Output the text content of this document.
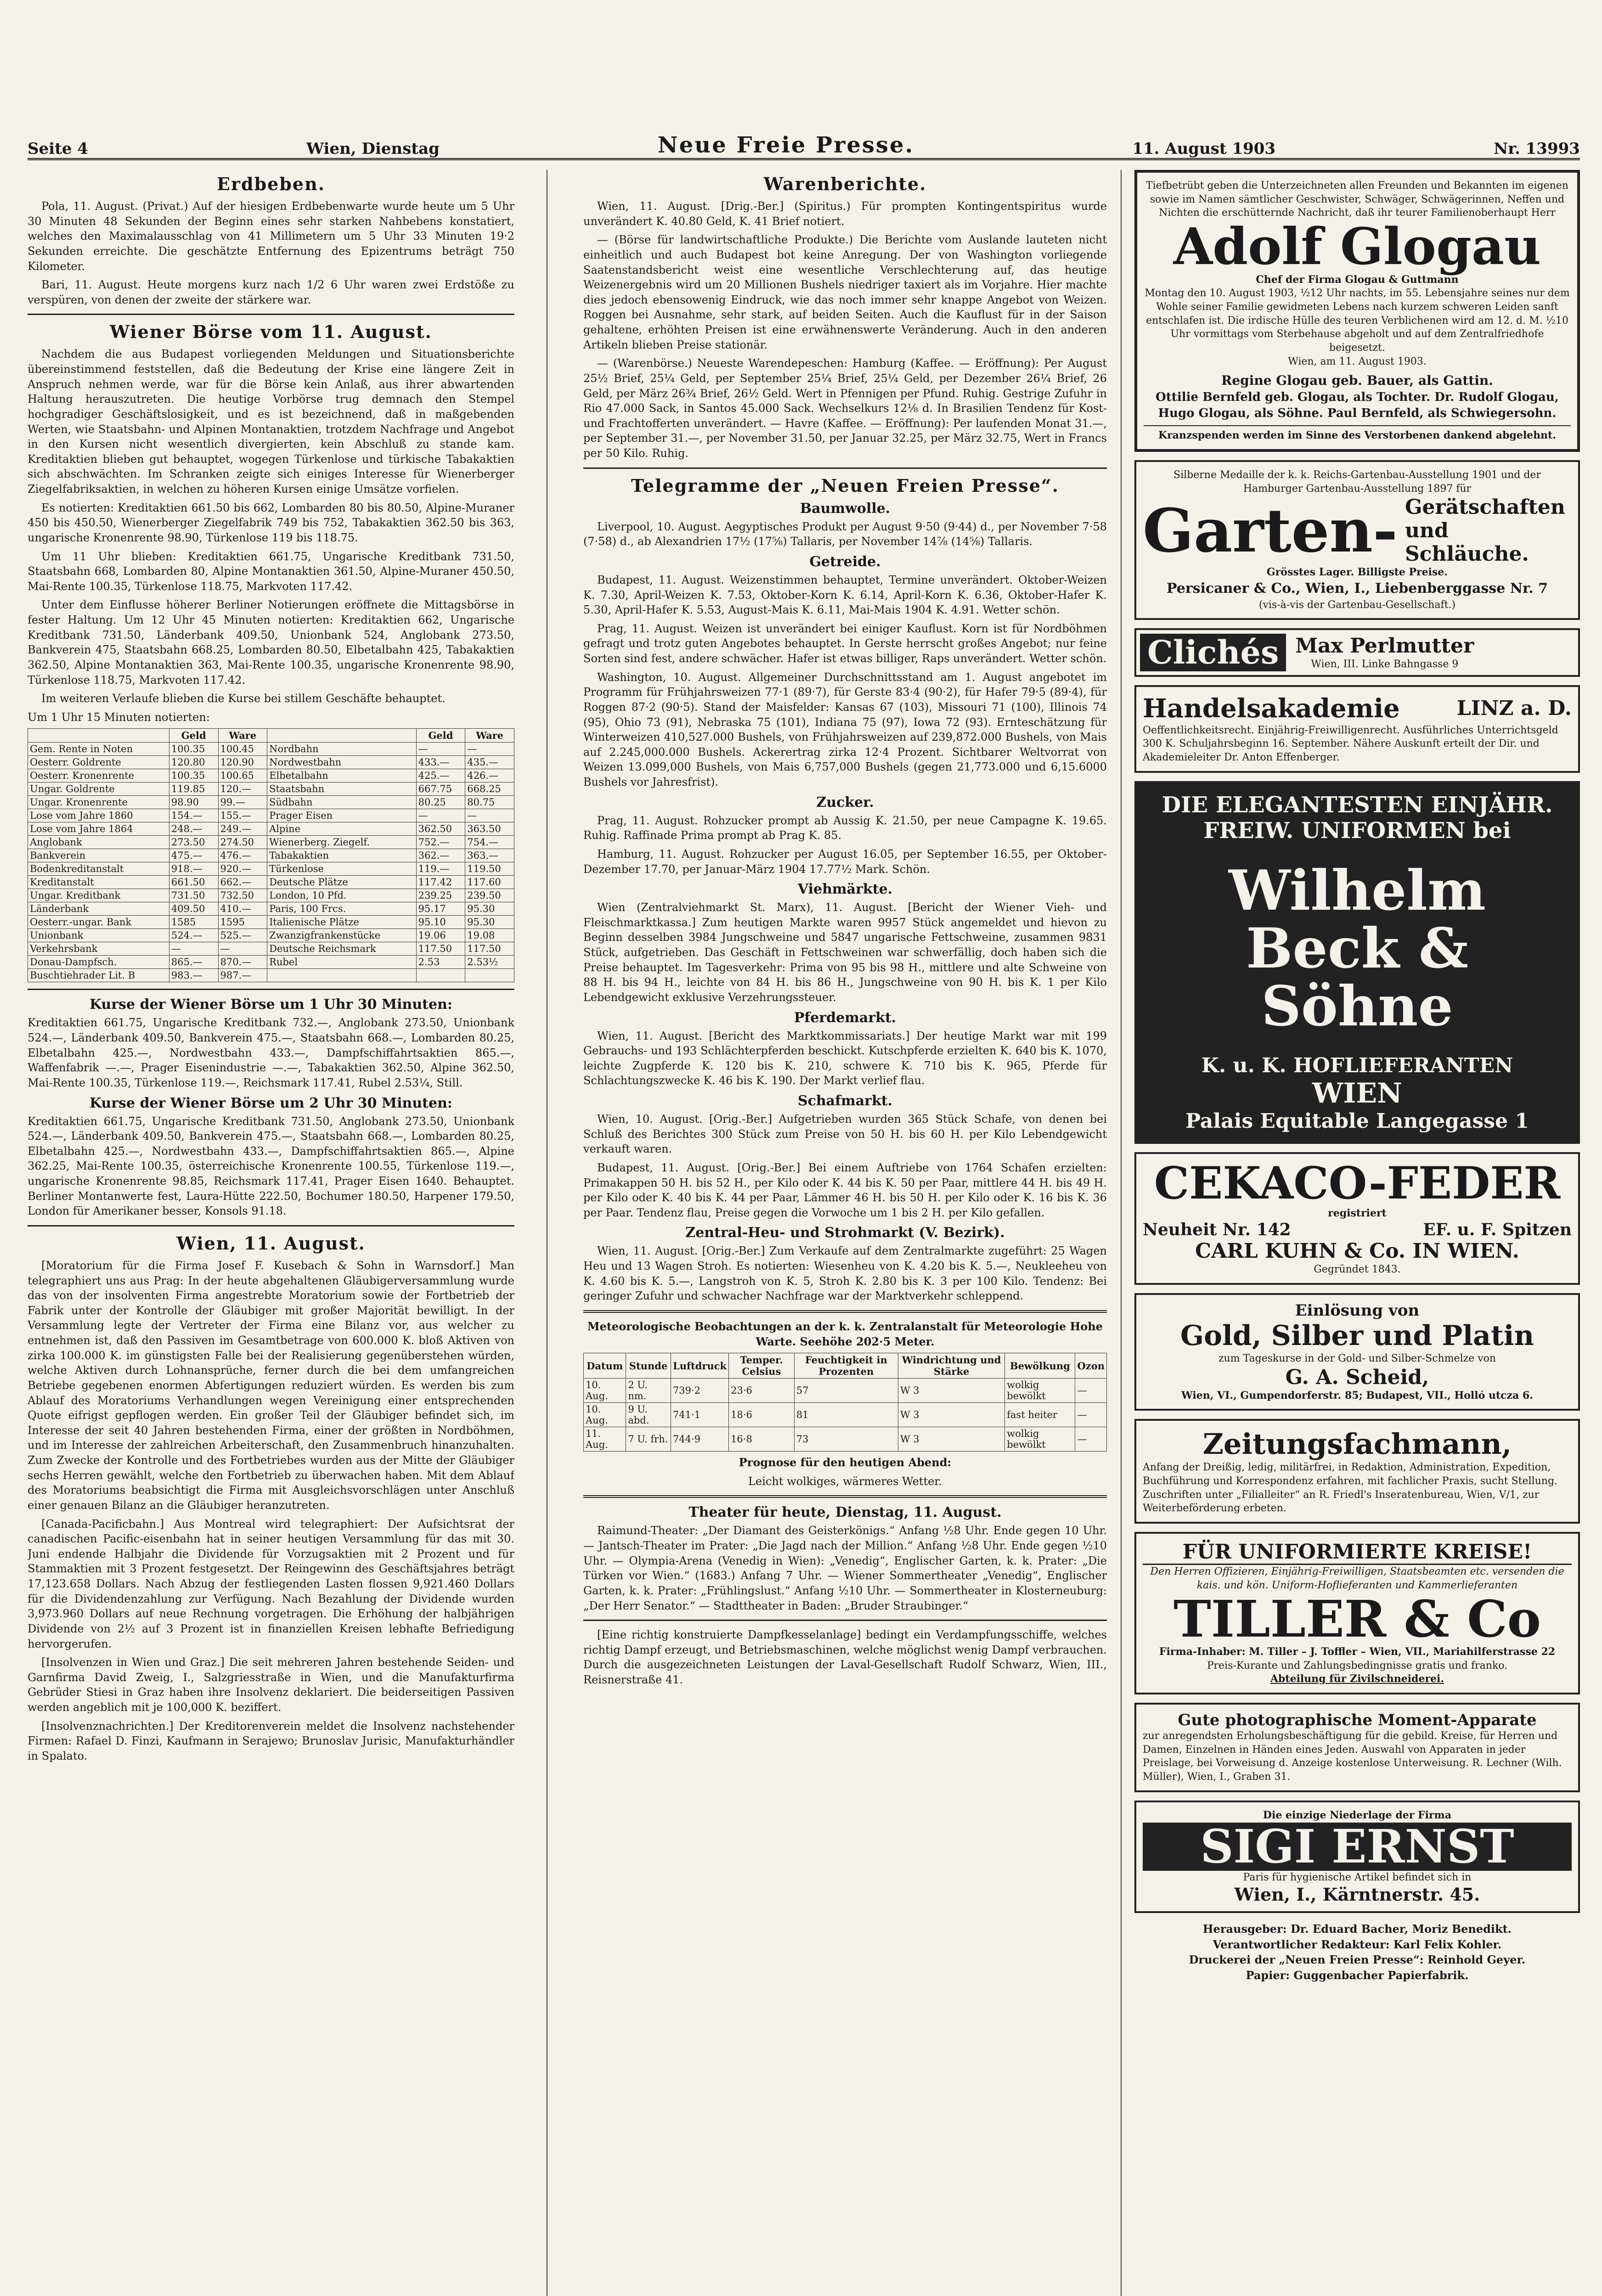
Seite 4	Wien, Dienstag	Neue Freie Presse.	11. August 1903	Nr. 13993
Erdbeben.

Pola, 11. August. (Privat.) Auf der hiesigen Erdbebenwarte wurde heute um 5 Uhr 30 Minuten 48 Sekunden der Beginn eines sehr starken Nahbebens konstatiert, welches den Maximalausschlag von 41 Millimetern um 5 Uhr 33 Minuten 19·2 Sekunden erreichte. Die geschätzte Entfernung des Epizentrums beträgt 750 Kilometer.

Bari, 11. August. Heute morgens kurz nach 1/2 6 Uhr waren zwei Erdstöße zu verspüren, von denen der zweite der stärkere war.

Wiener Börse vom 11. August.

Nachdem die aus Budapest vorliegenden Meldungen und Situationsberichte übereinstimmend feststellen, daß die Bedeutung der Krise eine längere Zeit in Anspruch nehmen werde, war für die Börse kein Anlaß, aus ihrer abwartenden Haltung herauszutreten. Die heutige Vorbörse trug demnach den Stempel hochgradiger Geschäftslosigkeit, und es ist bezeichnend, daß in maßgebenden Werten, wie Staatsbahn- und Alpinen Montanaktien, trotzdem Nachfrage und Angebot in den Kursen nicht wesentlich divergierten, kein Abschluß zu stande kam. Kreditaktien blieben gut behauptet, wogegen Türkenlose und türkische Tabakaktien sich abschwächten. Im Schranken zeigte sich einiges Interesse für Wienerberger Ziegelfabriksaktien, in welchen zu höheren Kursen einige Umsätze vorfielen.

Es notierten: Kreditaktien 661.50 bis 662, Lombarden 80 bis 80.50, Alpine-Muraner 450 bis 450.50, Wienerberger Ziegelfabrik 749 bis 752, Tabakaktien 362.50 bis 363, ungarische Kronenrente 98.90, Türkenlose 119 bis 118.75.

Um 11 Uhr blieben: Kreditaktien 661.75, Ungarische Kreditbank 731.50, Staatsbahn 668, Lombarden 80, Alpine Montanaktien 361.50, Alpine-Muraner 450.50, Mai-Rente 100.35, Türkenlose 118.75, Markvoten 117.42.

Unter dem Einflusse höherer Berliner Notierungen eröffnete die Mittagsbörse in fester Haltung. Um 12 Uhr 45 Minuten notierten: Kreditaktien 662, Ungarische Kreditbank 731.50, Länderbank 409.50, Unionbank 524, Anglobank 273.50, Bankverein 475, Staatsbahn 668.25, Lombarden 80.50, Elbetalbahn 425, Tabakaktien 362.50, Alpine Montanaktien 363, Mai-Rente 100.35, ungarische Kronenrente 98.90, Türkenlose 118.75, Markvoten 117.42.

Im weiteren Verlaufe blieben die Kurse bei stillem Geschäfte behauptet.

Um 1 Uhr 15 Minuten notierten:

	Geld	Ware		Geld	Ware
Gem. Rente in Noten	100.35	100.45	Nordbahn	—	—
Oesterr. Goldrente	120.80	120.90	Nordwestbahn	433.—	435.—
Oesterr. Kronenrente	100.35	100.65	Elbetalbahn	425.—	426.—
Ungar. Goldrente	119.85	120.—	Staatsbahn	667.75	668.25
Ungar. Kronenrente	98.90	99.—	Südbahn	80.25	80.75
Lose vom Jahre 1860	154.—	155.—	Prager Eisen	—	—
Lose vom Jahre 1864	248.—	249.—	Alpine	362.50	363.50
Anglobank	273.50	274.50	Wienerberg. Ziegelf.	752.—	754.—
Bankverein	475.—	476.—	Tabakaktien	362.—	363.—
Bodenkreditanstalt	918.—	920.—	Türkenlose	119.—	119.50
Kreditanstalt	661.50	662.—	Deutsche Plätze	117.42	117.60
Ungar. Kreditbank	731.50	732.50	London, 10 Pfd.	239.25	239.50
Länderbank	409.50	410.—	Paris, 100 Frcs.	95.17	95.30
Oesterr.-ungar. Bank	1585	1595	Italienische Plätze	95.10	95.30
Unionbank	524.—	525.—	Zwanzigfrankenstücke	19.06	19.08
Verkehrsbank	—	—	Deutsche Reichsmark	117.50	117.50
Donau-Dampfsch.	865.—	870.—	Rubel	2.53	2.53½
Buschtiehrader Lit. B	983.—	987.—			
Kurse der Wiener Börse um 1 Uhr 30 Minuten:

Kreditaktien 661.75, Ungarische Kreditbank 732.—, Anglobank 273.50, Unionbank 524.—, Länderbank 409.50, Bankverein 475.—, Staatsbahn 668.—, Lombarden 80.25, Elbetalbahn 425.—, Nordwestbahn 433.—, Dampfschiffahrtsaktien 865.—, Waffenfabrik —.—, Prager Eisenindustrie —.—, Tabakaktien 362.50, Alpine 362.50, Mai-Rente 100.35, Türkenlose 119.—, Reichsmark 117.41, Rubel 2.53¼, Still.

Kurse der Wiener Börse um 2 Uhr 30 Minuten:

Kreditaktien 661.75, Ungarische Kreditbank 731.50, Anglobank 273.50, Unionbank 524.—, Länderbank 409.50, Bankverein 475.—, Staatsbahn 668.—, Lombarden 80.25, Elbetalbahn 425.—, Nordwestbahn 433.—, Dampfschiffahrtsaktien 865.—, Alpine 362.25, Mai-Rente 100.35, österreichische Kronenrente 100.55, Türkenlose 119.—, ungarische Kronenrente 98.85, Reichsmark 117.41, Prager Eisen 1640. Behauptet. Berliner Montanwerte fest, Laura-Hütte 222.50, Bochumer 180.50, Harpener 179.50, London für Amerikaner besser, Konsols 91.18.

Wien, 11. August.

[Moratorium für die Firma Josef F. Kusebach & Sohn in Warnsdorf.] Man telegraphiert uns aus Prag: In der heute abgehaltenen Gläubigerversammlung wurde das von der insolventen Firma angestrebte Moratorium sowie der Fortbetrieb der Fabrik unter der Kontrolle der Gläubiger mit großer Majorität bewilligt. In der Versammlung legte der Vertreter der Firma eine Bilanz vor, aus welcher zu entnehmen ist, daß den Passiven im Gesamtbetrage von 600.000 K. bloß Aktiven von zirka 100.000 K. im günstigsten Falle bei der Realisierung gegenüberstehen würden, welche Aktiven durch Lohnansprüche, ferner durch die bei dem umfangreichen Betriebe gegebenen enormen Abfertigungen reduziert würden. Es werden bis zum Ablauf des Moratoriums Verhandlungen wegen Vereinigung einer entsprechenden Quote eifrigst gepflogen werden. Ein großer Teil der Gläubiger befindet sich, im Interesse der seit 40 Jahren bestehenden Firma, einer der größten in Nordböhmen, und im Interesse der zahlreichen Arbeiterschaft, den Zusammenbruch hinanzuhalten. Zum Zwecke der Kontrolle und des Fortbetriebes wurden aus der Mitte der Gläubiger sechs Herren gewählt, welche den Fortbetrieb zu überwachen haben. Mit dem Ablauf des Moratoriums beabsichtigt die Firma mit Ausgleichsvorschlägen unter Anschluß einer genauen Bilanz an die Gläubiger heranzutreten.

[Canada-Pacificbahn.] Aus Montreal wird telegraphiert: Der Aufsichtsrat der canadischen Pacific-eisenbahn hat in seiner heutigen Versammlung für das mit 30. Juni endende Halbjahr die Dividende für Vorzugsaktien mit 2 Prozent und für Stammaktien mit 3 Prozent festgesetzt. Der Reingewinn des Geschäftsjahres beträgt 17,123.658 Dollars. Nach Abzug der festliegenden Lasten flossen 9,921.460 Dollars für die Dividendenzahlung zur Verfügung. Nach Bezahlung der Dividende wurden 3,973.960 Dollars auf neue Rechnung vorgetragen. Die Erhöhung der halbjährigen Dividende von 2½ auf 3 Prozent ist in finanziellen Kreisen lebhafte Befriedigung hervorgerufen.

[Insolvenzen in Wien und Graz.] Die seit mehreren Jahren bestehende Seiden- und Garnfirma David Zweig, I., Salzgriesstraße in Wien, und die Manufakturfirma Gebrüder Stiesi in Graz haben ihre Insolvenz deklariert. Die beiderseitigen Passiven werden angeblich mit je 100,000 K. beziffert.

[Insolvenznachrichten.] Der Kreditorenverein meldet die Insolvenz nachstehender Firmen: Rafael D. Finzi, Kaufmann in Serajewo; Brunoslav Jurisic, Manufakturhändler in Spalato.

Warenberichte.

Wien, 11. August. [Drig.-Ber.] (Spiritus.) Für prompten Kontingentspiritus wurde unverändert K. 40.80 Geld, K. 41 Brief notiert.

— (Börse für landwirtschaftliche Produkte.) Die Berichte vom Auslande lauteten nicht einheitlich und auch Budapest bot keine Anregung. Der von Washington vorliegende Saatenstandsbericht weist eine wesentliche Verschlechterung auf, das heutige Weizenergebnis wird um 20 Millionen Bushels niedriger taxiert als im Vorjahre. Hier machte dies jedoch ebensowenig Eindruck, wie das noch immer sehr knappe Angebot von Weizen. Roggen bei Ausnahme, sehr stark, auf beiden Seiten. Auch die Kauflust für in der Saison gehaltene, erhöhten Preisen ist eine erwähnenswerte Veränderung. Auch in den anderen Artikeln blieben Preise stationär.

— (Warenbörse.) Neueste Warendepeschen: Hamburg (Kaffee. — Eröffnung): Per August 25½ Brief, 25¼ Geld, per September 25¼ Brief, 25¼ Geld, per Dezember 26¼ Brief, 26 Geld, per März 26¾ Brief, 26½ Geld. Wert in Pfennigen per Pfund. Ruhig. Gestrige Zufuhr in Rio 47.000 Sack, in Santos 45.000 Sack. Wechselkurs 12⅛ d. In Brasilien Tendenz für Kost- und Frachtofferten unverändert. — Havre (Kaffee. — Eröffnung): Per laufenden Monat 31.—, per September 31.—, per November 31.50, per Januar 32.25, per März 32.75, Wert in Francs per 50 Kilo. Ruhig.

Telegramme der „Neuen Freien Presse“.
Baumwolle.

Liverpool, 10. August. Aegyptisches Produkt per August 9·50 (9·44) d., per November 7·58 (7·58) d., ab Alexandrien 17½ (17⅝) Tallaris, per November 14⅞ (14⅝) Tallaris.

Getreide.

Budapest, 11. August. Weizenstimmen behauptet, Termine unverändert. Oktober-Weizen K. 7.30, April-Weizen K. 7.53, Oktober-Korn K. 6.14, April-Korn K. 6.36, Oktober-Hafer K. 5.30, April-Hafer K. 5.53, August-Mais K. 6.11, Mai-Mais 1904 K. 4.91. Wetter schön.

Prag, 11. August. Weizen ist unverändert bei einiger Kauflust. Korn ist für Nordböhmen gefragt und trotz guten Angebotes behauptet. In Gerste herrscht großes Angebot; nur feine Sorten sind fest, andere schwächer. Hafer ist etwas billiger, Raps unverändert. Wetter schön.

Washington, 10. August. Allgemeiner Durchschnittsstand am 1. August angebotet im Programm für Frühjahrsweizen 77·1 (89·7), für Gerste 83·4 (90·2), für Hafer 79·5 (89·4), für Roggen 87·2 (90·5). Stand der Maisfelder: Kansas 67 (103), Missouri 71 (100), Illinois 74 (95), Ohio 73 (91), Nebraska 75 (101), Indiana 75 (97), Iowa 72 (93). Ernteschätzung für Winterweizen 410,527.000 Bushels, von Frühjahrsweizen auf 239,872.000 Bushels, von Mais auf 2.245,000.000 Bushels. Ackerertrag zirka 12·4 Prozent. Sichtbarer Weltvorrat von Weizen 13.099,000 Bushels, von Mais 6,757,000 Bushels (gegen 21,773.000 und 6,15.6000 Bushels vor Jahresfrist).

Zucker.

Prag, 11. August. Rohzucker prompt ab Aussig K. 21.50, per neue Campagne K. 19.65. Ruhig. Raffinade Prima prompt ab Prag K. 85.

Hamburg, 11. August. Rohzucker per August 16.05, per September 16.55, per Oktober-Dezember 17.70, per Januar-März 1904 17.77½ Mark. Schön.

Viehmärkte.

Wien (Zentralviehmarkt St. Marx), 11. August. [Bericht der Wiener Vieh- und Fleischmarktkassa.] Zum heutigen Markte waren 9957 Stück angemeldet und hievon zu Beginn desselben 3984 Jungschweine und 5847 ungarische Fettschweine, zusammen 9831 Stück, aufgetrieben. Das Geschäft in Fettschweinen war schwerfällig, doch haben sich die Preise behauptet. Im Tagesverkehr: Prima von 95 bis 98 H., mittlere und alte Schweine von 88 H. bis 94 H., leichte von 84 H. bis 86 H., Jungschweine von 90 H. bis K. 1 per Kilo Lebendgewicht exklusive Verzehrungssteuer.

Pferdemarkt.

Wien, 11. August. [Bericht des Marktkommissariats.] Der heutige Markt war mit 199 Gebrauchs- und 193 Schlächterpferden beschickt. Kutschpferde erzielten K. 640 bis K. 1070, leichte Zugpferde K. 120 bis K. 210, schwere K. 710 bis K. 965, Pferde für Schlachtungszwecke K. 46 bis K. 190. Der Markt verlief flau.

Schafmarkt.

Wien, 10. August. [Orig.-Ber.] Aufgetrieben wurden 365 Stück Schafe, von denen bei Schluß des Berichtes 300 Stück zum Preise von 50 H. bis 60 H. per Kilo Lebendgewicht verkauft waren.

Budapest, 11. August. [Orig.-Ber.] Bei einem Auftriebe von 1764 Schafen erzielten: Primakappen 50 H. bis 52 H., per Kilo oder K. 44 bis K. 50 per Paar, mittlere 44 H. bis 49 H. per Kilo oder K. 40 bis K. 44 per Paar, Lämmer 46 H. bis 50 H. per Kilo oder K. 16 bis K. 36 per Paar. Tendenz flau, Preise gegen die Vorwoche um 1 bis 2 H. per Kilo gefallen.

Zentral-Heu- und Strohmarkt (V. Bezirk).

Wien, 11. August. [Orig.-Ber.] Zum Verkaufe auf dem Zentralmarkte zugeführt: 25 Wagen Heu und 13 Wagen Stroh. Es notierten: Wiesenheu von K. 4.20 bis K. 5.—, Neukleeheu von K. 4.60 bis K. 5.—, Langstroh von K. 5, Stroh K. 2.80 bis K. 3 per 100 Kilo. Tendenz: Bei geringer Zufuhr und schwacher Nachfrage war der Marktverkehr schleppend.

Meteorologische Beobachtungen an der k. k. Zentralanstalt für Meteorologie Hohe Warte. Seehöhe 202·5 Meter.

Datum	Stunde	Luftdruck	Temper. Celsius	Feuchtigkeit in Prozenten	Windrichtung und Stärke	Bewölkung	Ozon
10. Aug.	2 U. nm.	739·2	23·6	57	W 3	wolkig bewölkt	—
10. Aug.	9 U. abd.	741·1	18·6	81	W 3	fast heiter	—
11. Aug.	7 U. frh.	744·9	16·8	73	W 3	wolkig bewölkt	—

Prognose für den heutigen Abend:

Leicht wolkiges, wärmeres Wetter.

Theater für heute, Dienstag, 11. August.

Raimund-Theater: „Der Diamant des Geisterkönigs.“ Anfang ½8 Uhr. Ende gegen 10 Uhr. — Jantsch-Theater im Prater: „Die Jagd nach der Million.“ Anfang ½8 Uhr. Ende gegen ½10 Uhr. — Olympia-Arena (Venedig in Wien): „Venedig“, Englischer Garten, k. k. Prater: „Die Türken vor Wien.“ (1683.) Anfang 7 Uhr. — Wiener Sommertheater „Venedig“, Englischer Garten, k. k. Prater: „Frühlingslust.“ Anfang ½10 Uhr. — Sommertheater in Klosterneuburg: „Der Herr Senator.“ — Stadttheater in Baden: „Bruder Straubinger.“

[Eine richtig konstruierte Dampfkesselanlage] bedingt ein Verdampfungsschiffe, welches richtig Dampf erzeugt, und Betriebsmaschinen, welche möglichst wenig Dampf verbrauchen. Durch die ausgezeichneten Leistungen der Laval-Gesellschaft Rudolf Schwarz, Wien, III., Reisnerstraße 41.

Tiefbetrübt geben die Unterzeichneten allen Freunden und Bekannten im eigenen sowie im Namen sämtlicher Geschwister, Schwäger, Schwägerinnen, Neffen und Nichten die erschütternde Nachricht, daß ihr teurer Familienoberhaupt Herr
Adolf Glogau
Chef der Firma Glogau & Guttmann
Montag den 10. August 1903, ½12 Uhr nachts, im 55. Lebensjahre seines nur dem Wohle seiner Familie gewidmeten Lebens nach kurzem schweren Leiden sanft entschlafen ist. Die irdische Hülle des teuren Verblichenen wird am 12. d. M. ½10 Uhr vormittags vom Sterbehause abgeholt und auf dem Zentralfriedhofe beigesetzt.
Wien, am 11. August 1903.
Regine Glogau geb. Bauer, als Gattin.
Ottilie Bernfeld geb. Glogau, als Tochter. Dr. Rudolf Glogau, Hugo Glogau, als Söhne. Paul Bernfeld, als Schwiegersohn.
Kranzspenden werden im Sinne des Verstorbenen dankend abgelehnt.
Silberne Medaille der k. k. Reichs-Gartenbau-Ausstellung 1901 und der Hamburger Gartenbau-Ausstellung 1897 für
Garten- Gerätschaften und Schläuche.
Grösstes Lager. Billigste Preise.
Persicaner & Co., Wien, I., Liebenberggasse Nr. 7
(vis-à-vis der Gartenbau-Gesellschaft.)
Clichés Max Perlmutter
Wien, III. Linke Bahngasse 9
Handelsakademie	LINZ a. D.
Oeffentlichkeitsrecht. Einjährig-Freiwilligenrecht. Ausführliches Unterrichtsgeld 300 K. Schuljahrsbeginn 16. September. Nähere Auskunft erteilt der Dir. und Akademieleiter Dr. Anton Effenberger.
DIE ELEGANTESTEN EINJÄHR. FREIW. UNIFORMEN bei
Wilhelm Beck & Söhne
K. u. K. HOFLIEFERANTEN
WIEN
Palais Equitable Langegasse 1
CEKACO-FEDER
registriert
Neuheit Nr. 142	EF. u. F. Spitzen
CARL KUHN & Co. IN WIEN.
Gegründet 1843.
Einlösung von
Gold, Silber und Platin
zum Tageskurse in der Gold- und Silber-Schmelze von
G. A. Scheid,
Wien, VI., Gumpendorferstr. 85; Budapest, VII., Holló utcza 6.
Zeitungsfachmann,
Anfang der Dreißig, ledig, militärfrei, in Redaktion, Administration, Expedition, Buchführung und Korrespondenz erfahren, mit fachlicher Praxis, sucht Stellung. Zuschriften unter „Filialleiter“ an R. Friedl's Inseratenbureau, Wien, V/1, zur Weiterbeförderung erbeten.
FÜR UNIFORMIERTE KREISE!
Den Herren Offizieren, Einjährig-Freiwilligen, Staatsbeamten etc. versenden die kais. und kön. Uniform-Hoflieferanten und Kammerlieferanten
TILLER & Co
Firma-Inhaber: M. Tiller – J. Toffler – Wien, VII., Mariahilferstrasse 22
Preis-Kurante und Zahlungsbedingnisse gratis und franko.
Abteilung für Zivilschneiderei.
Gute photographische Moment-Apparate
zur anregendsten Erholungsbeschäftigung für die gebild. Kreise, für Herren und Damen, Einzelnen in Händen eines Jeden. Auswahl von Apparaten in jeder Preislage, bei Vorweisung d. Anzeige kostenlose Unterweisung. R. Lechner (Wilh. Müller), Wien, I., Graben 31.
Die einzige Niederlage der Firma
SIGI ERNST
Paris für hygienische Artikel befindet sich in
Wien, I., Kärntnerstr. 45.
Herausgeber: Dr. Eduard Bacher, Moriz Benedikt.
Verantwortlicher Redakteur: Karl Felix Kohler.
Druckerei der „Neuen Freien Presse“: Reinhold Geyer.
Papier: Guggenbacher Papierfabrik.
